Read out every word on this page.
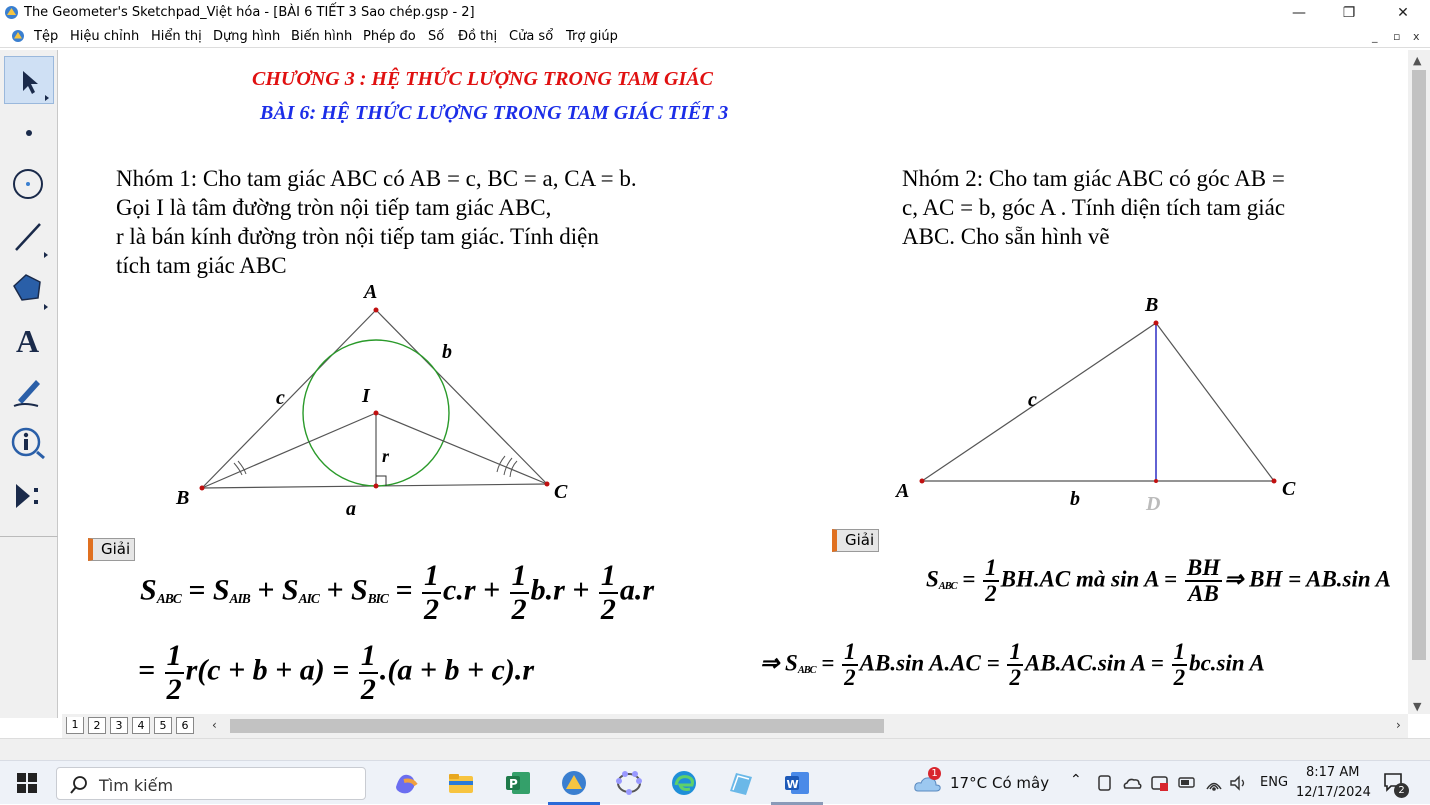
The Geometer's Sketchpad_Việt hóa - [BÀI 6 TIẾT 3 Sao chép.gsp - 2]	—	❐	✕
Tệp Hiệu chỉnh Hiển thị Dựng hình Biến hình Phép đo Số Đồ thị Cửa sổ Trợ giúp	_ ▫ x
A
CHƯƠNG 3 : HỆ THỨC LƯỢNG TRONG TAM GIÁC
BÀI 6: HỆ THỨC LƯỢNG TRONG TAM GIÁC TIẾT 3
Nhóm 1: Cho tam giác ABC có AB = c, BC = a, CA = b.
Gọi I là tâm đường tròn nội tiếp tam giác ABC,
r là bán kính đường tròn nội tiếp tam giác. Tính diện
tích tam giác ABC
Nhóm 2: Cho tam giác ABC có góc AB =
c, AC = b, góc A . Tính diện tích tam giác
ABC. Cho sẵn hình vẽ
A
B	C
I
a
b
c
r
A
B
C
D
b
c
Giải	Giải
$S_{ABC} = S_{AIB} + S_{AIC} + S_{BIC} = \frac{1}{2} c.r + \frac{1}{2} b.r + \frac{1}{2} a.r$
= $\frac{1}{2} r(c + b + a) = \frac{1}{2} .(a + b + c).r$
$S_{ABC} = \frac{1}{2} BH.AC$ mà $\sin A = \frac{BH}{AB}$ ⇒ BH = AB.sin A
⇒ $S_{ABC} = \frac{1}{2} AB.\sin$ $A.AC = \frac{1}{2} AB.AC.\sin$ $A = \frac{1}{2} bc.\sin$ A
▲
▼
1	2	3	4	5	6	‹	›
Tìm kiếm	P	W
1
17°C Có mây ⌃	ENG
8:17 AM
12/17/2024	2
